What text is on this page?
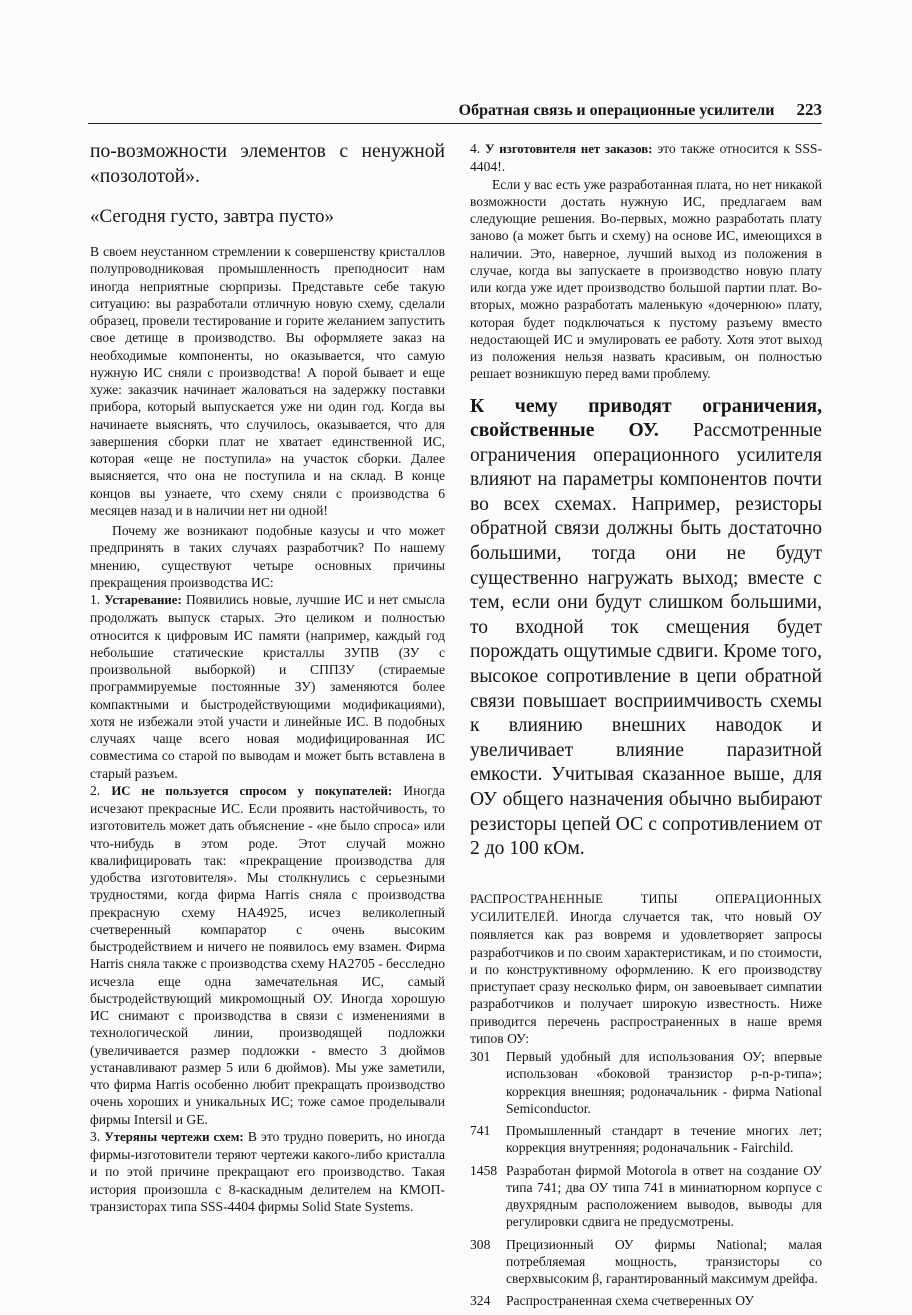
Обратная связь и операционные усилители 223

по-возможности элементов с ненужной «позолотой».

«Сегодня густо, завтра пусто»

В своем неустанном стремлении к совершенству кристаллов полупроводниковая промышленность преподносит нам иногда неприятные сюрпризы. Представьте себе такую ситуацию: вы разработали отличную новую схему, сделали образец, провели тестирование и горите желанием запустить свое детище в производство. Вы оформляете заказ на необходимые компоненты, но оказывается, что самую нужную ИС сняли с производства! А порой бывает и еще хуже: заказчик начинает жаловаться на задержку поставки прибора, который выпускается уже ни один год. Когда вы начинаете выяснять, что случилось, оказывается, что для завершения сборки плат не хватает единственной ИС, которая «еще не поступила» на участок сборки. Далее выясняется, что она не поступила и на склад. В конце концов вы узнаете, что схему сняли с производства 6 месяцев назад и в наличии нет ни одной!

Почему же возникают подобные казусы и что может предпринять в таких случаях разработчик? По нашему мнению, существуют четыре основных причины прекращения производства ИС:

1. Устаревание: Появились новые, лучшие ИС и нет смысла продолжать выпуск старых. Это целиком и полностью относится к цифровым ИС памяти (например, каждый год небольшие статические кристаллы ЗУПВ (ЗУ с произвольной выборкой) и СППЗУ (стираемые программируемые постоянные ЗУ) заменяются более компактными и быстродействующими модификациями), хотя не избежали этой участи и линейные ИС. В подобных случаях чаще всего новая модифицированная ИС совместима со старой по выводам и может быть вставлена в старый разъем.

2. ИС не пользуется спросом у покупателей: Иногда исчезают прекрасные ИС. Если проявить настойчивость, то изготовитель может дать объяснение - «не было спроса» или что-нибудь в этом роде. Этот случай можно квалифицировать так: «прекращение производства для удобства изготовителя». Мы столкнулись с серьезными трудностями, когда фирма Harris сняла с производства прекрасную схему HA4925, исчез великолепный счетверенный компаратор с очень высоким быстродействием и ничего не появилось ему взамен. Фирма Harris сняла также с производства схему HA2705 - бесследно исчезла еще одна замечательная ИС, самый быстродействующий микромощный ОУ. Иногда хорошую ИС снимают с производства в связи с изменениями в технологической линии, производящей подложки (увеличивается размер подложки - вместо 3 дюймов устанавливают размер 5 или 6 дюймов). Мы уже заметили, что фирма Harris особенно любит прекращать производство очень хороших и уникальных ИС; тоже самое проделывали фирмы Intersil и GE.

3. Утеряны чертежи схем: В это трудно поверить, но иногда фирмы-изготовители теряют чертежи какого-либо кристалла и по этой причине прекращают его производство. Такая история произошла с 8-каскадным делителем на КМОП-транзисторах типа SSS-4404 фирмы Solid State Systems.

4. У изготовителя нет заказов: это также относится к SSS-4404!.

Если у вас есть уже разработанная плата, но нет никакой возможности достать нужную ИС, предлагаем вам следующие решения. Во-первых, можно разработать плату заново (а может быть и схему) на основе ИС, имеющихся в наличии. Это, наверное, лучший выход из положения в случае, когда вы запускаете в производство новую плату или когда уже идет производство большой партии плат. Во-вторых, можно разработать маленькую «дочернюю» плату, которая будет подключаться к пустому разъему вместо недостающей ИС и эмулировать ее работу. Хотя этот выход из положения нельзя назвать красивым, он полностью решает возникшую перед вами проблему.

К чему приводят ограничения, свойственные ОУ. Рассмотренные ограничения операционного усилителя влияют на параметры компонентов почти во всех схемах. Например, резисторы обратной связи должны быть достаточно большими, тогда они не будут существенно нагружать выход; вместе с тем, если они будут слишком большими, то входной ток смещения будет порождать ощутимые сдвиги. Кроме того, высокое сопротивление в цепи обратной связи повышает восприимчивость схемы к влиянию внешних наводок и увеличивает влияние паразитной емкости. Учитывая сказанное выше, для ОУ общего назначения обычно выбирают резисторы цепей ОС с сопротивлением от 2 до 100 кОм.

РАСПРОСТРАНЕННЫЕ ТИПЫ ОПЕРАЦИОННЫХ УСИЛИТЕЛЕЙ. Иногда случается так, что новый ОУ появляется как раз вовремя и удовлетворяет запросы разработчиков и по своим характеристикам, и по стоимости, и по конструктивному оформлению. К его производству приступает сразу несколько фирм, он завоевывает симпатии разработчиков и получает широкую известность. Ниже приводится перечень распространенных в наше время типов ОУ:

301	Первый удобный для использования ОУ; впервые использован «боковой транзистор p-n-p-типа»; коррекция внешняя; родоначальник - фирма National Semiconductor.
741	Промышленный стандарт в течение многих лет; коррекция внутренняя; родоначальник - Fairchild.
1458 Разработан фирмой Motorola в ответ на создание ОУ типа 741; два ОУ типа 741 в миниатюрном корпусе с двухрядным расположением выводов, выводы для регулировки сдвига не предусмотрены.
308	Прецизионный ОУ фирмы National; малая потребляемая мощность, транзисторы со сверхвысоким β, гарантированный максимум дрейфа.
324	Распространенная схема счетверенных ОУ
